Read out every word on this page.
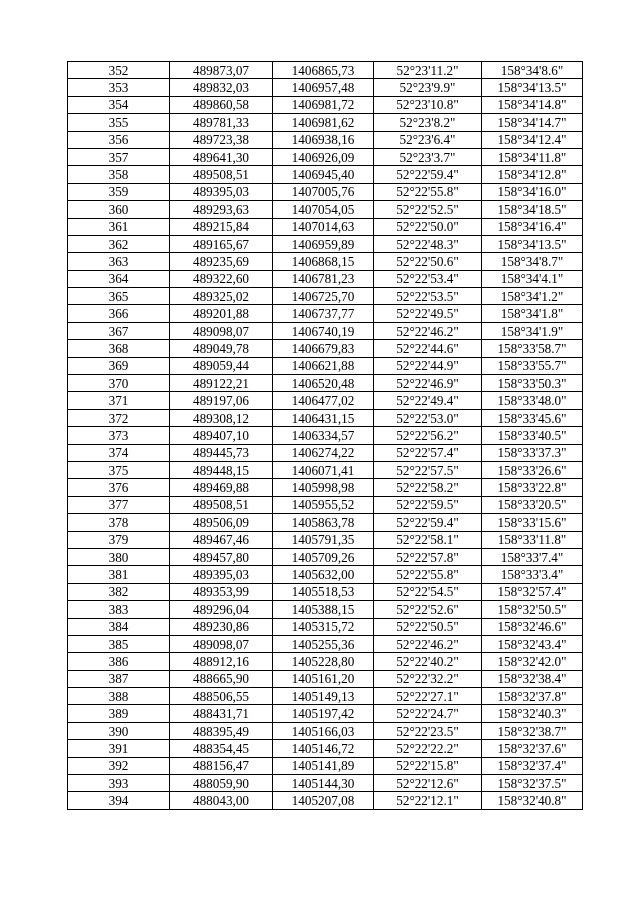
352	489873,07	1406865,73	52°23'11.2"	158°34'8.6"
353	489832,03	1406957,48	52°23'9.9"	158°34'13.5"
354	489860,58	1406981,72	52°23'10.8"	158°34'14.8"
355	489781,33	1406981,62	52°23'8.2"	158°34'14.7"
356	489723,38	1406938,16	52°23'6.4"	158°34'12.4"
357	489641,30	1406926,09	52°23'3.7"	158°34'11.8"
358	489508,51	1406945,40	52°22'59.4"	158°34'12.8"
359	489395,03	1407005,76	52°22'55.8"	158°34'16.0"
360	489293,63	1407054,05	52°22'52.5"	158°34'18.5"
361	489215,84	1407014,63	52°22'50.0"	158°34'16.4"
362	489165,67	1406959,89	52°22'48.3"	158°34'13.5"
363	489235,69	1406868,15	52°22'50.6"	158°34'8.7"
364	489322,60	1406781,23	52°22'53.4"	158°34'4.1"
365	489325,02	1406725,70	52°22'53.5"	158°34'1.2"
366	489201,88	1406737,77	52°22'49.5"	158°34'1.8"
367	489098,07	1406740,19	52°22'46.2"	158°34'1.9"
368	489049,78	1406679,83	52°22'44.6"	158°33'58.7"
369	489059,44	1406621,88	52°22'44.9"	158°33'55.7"
370	489122,21	1406520,48	52°22'46.9"	158°33'50.3"
371	489197,06	1406477,02	52°22'49.4"	158°33'48.0"
372	489308,12	1406431,15	52°22'53.0"	158°33'45.6"
373	489407,10	1406334,57	52°22'56.2"	158°33'40.5"
374	489445,73	1406274,22	52°22'57.4"	158°33'37.3"
375	489448,15	1406071,41	52°22'57.5"	158°33'26.6"
376	489469,88	1405998,98	52°22'58.2"	158°33'22.8"
377	489508,51	1405955,52	52°22'59.5"	158°33'20.5"
378	489506,09	1405863,78	52°22'59.4"	158°33'15.6"
379	489467,46	1405791,35	52°22'58.1"	158°33'11.8"
380	489457,80	1405709,26	52°22'57.8"	158°33'7.4"
381	489395,03	1405632,00	52°22'55.8"	158°33'3.4"
382	489353,99	1405518,53	52°22'54.5"	158°32'57.4"
383	489296,04	1405388,15	52°22'52.6"	158°32'50.5"
384	489230,86	1405315,72	52°22'50.5"	158°32'46.6"
385	489098,07	1405255,36	52°22'46.2"	158°32'43.4"
386	488912,16	1405228,80	52°22'40.2"	158°32'42.0"
387	488665,90	1405161,20	52°22'32.2"	158°32'38.4"
388	488506,55	1405149,13	52°22'27.1"	158°32'37.8"
389	488431,71	1405197,42	52°22'24.7"	158°32'40.3"
390	488395,49	1405166,03	52°22'23.5"	158°32'38.7"
391	488354,45	1405146,72	52°22'22.2"	158°32'37.6"
392	488156,47	1405141,89	52°22'15.8"	158°32'37.4"
393	488059,90	1405144,30	52°22'12.6"	158°32'37.5"
394	488043,00	1405207,08	52°22'12.1"	158°32'40.8"
